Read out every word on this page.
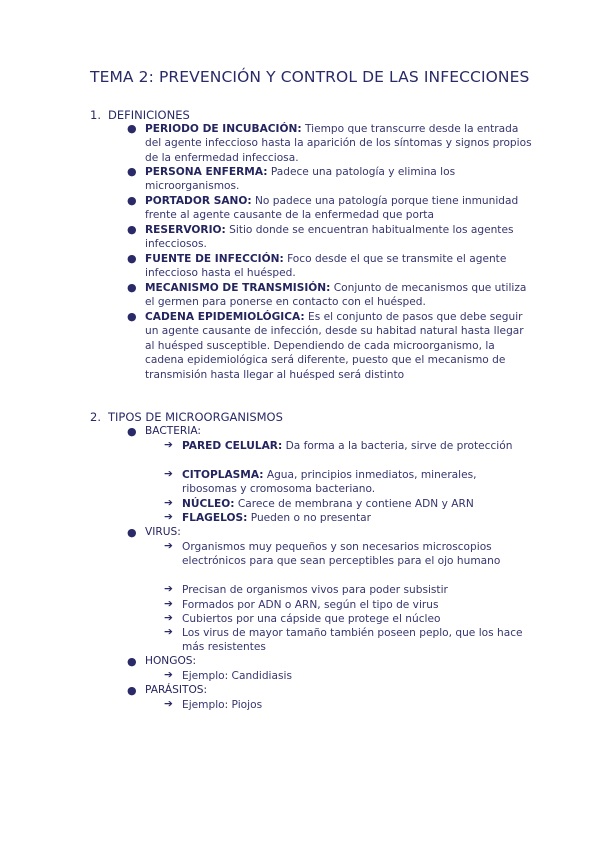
TEMA 2: PREVENCIÓN Y CONTROL DE LAS INFECCIONES
1. DEFINICIONES
● PERIODO DE INCUBACIÓN: Tiempo que transcurre desde la entrada del agente infeccioso hasta la aparición de los síntomas y signos propios de la enfermedad infecciosa.
● PERSONA ENFERMA: Padece una patología y elimina los microorganismos.
● PORTADOR SANO: No padece una patología porque tiene inmunidad frente al agente causante de la enfermedad que porta
● RESERVORIO: Sitio donde se encuentran habitualmente los agentes infecciosos.
● FUENTE DE INFECCIÓN: Foco desde el que se transmite el agente infeccioso hasta el huésped.
● MECANISMO DE TRANSMISIÓN: Conjunto de mecanismos que utiliza el germen para ponerse en contacto con el huésped.
● CADENA EPIDEMIOLÓGICA: Es el conjunto de pasos que debe seguir un agente causante de infección, desde su habitad natural hasta llegar al huésped susceptible. Dependiendo de cada microorganismo, la cadena epidemiológica será diferente, puesto que el mecanismo de transmisión hasta llegar al huésped será distinto
2. TIPOS DE MICROORGANISMOS
● BACTERIA:
➔ PARED CELULAR: Da forma a la bacteria, sirve de protección
➔ CITOPLASMA: Agua, principios inmediatos, minerales, ribosomas y cromosoma bacteriano.
➔ NÚCLEO: Carece de membrana y contiene ADN y ARN
➔ FLAGELOS: Pueden o no presentar
● VIRUS:
➔ Organismos muy pequeños y son necesarios microscopios electrónicos para que sean perceptibles para el ojo humano
➔ Precisan de organismos vivos para poder subsistir
➔ Formados por ADN o ARN, según el tipo de virus
➔ Cubiertos por una cápside que protege el núcleo
➔ Los virus de mayor tamaño también poseen peplo, que los hace más resistentes
● HONGOS:
➔ Ejemplo: Candidiasis
● PARÁSITOS:
➔ Ejemplo: Piojos
